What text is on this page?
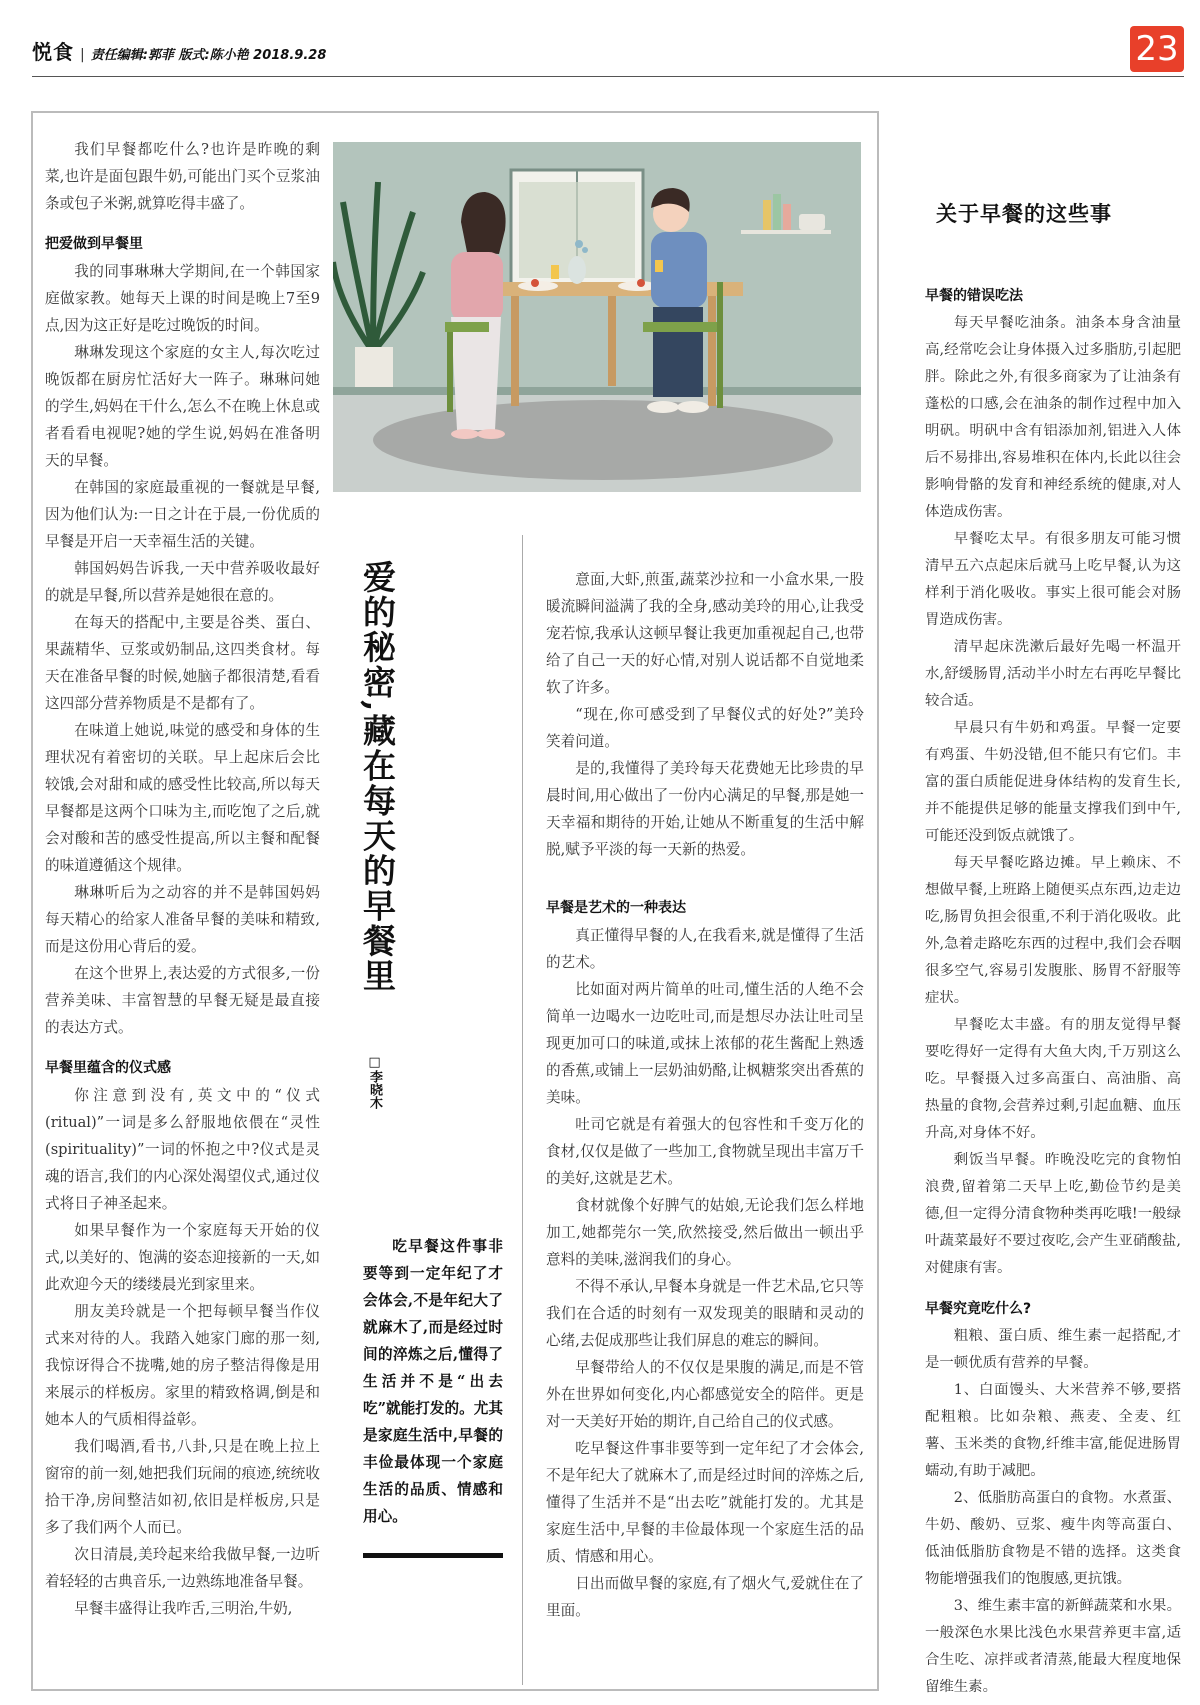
悦食 | 责任编辑:郭菲 版式:陈小艳 2018.9.28	23

我们早餐都吃什么?也许是昨晚的剩菜,也许是面包跟牛奶,可能出门买个豆浆油条或包子米粥,就算吃得丰盛了。

把爱做到早餐里

我的同事琳琳大学期间,在一个韩国家庭做家教。她每天上课的时间是晚上7至9点,因为这正好是吃过晚饭的时间。

琳琳发现这个家庭的女主人,每次吃过晚饭都在厨房忙活好大一阵子。琳琳问她的学生,妈妈在干什么,怎么不在晚上休息或者看看电视呢?她的学生说,妈妈在准备明天的早餐。

在韩国的家庭最重视的一餐就是早餐,因为他们认为:一日之计在于晨,一份优质的早餐是开启一天幸福生活的关键。

韩国妈妈告诉我,一天中营养吸收最好的就是早餐,所以营养是她很在意的。

在每天的搭配中,主要是谷类、蛋白、果蔬精华、豆浆或奶制品,这四类食材。每天在准备早餐的时候,她脑子都很清楚,看看这四部分营养物质是不是都有了。

在味道上她说,味觉的感受和身体的生理状况有着密切的关联。早上起床后会比较饿,会对甜和咸的感受性比较高,所以每天早餐都是这两个口味为主,而吃饱了之后,就会对酸和苦的感受性提高,所以主餐和配餐的味道遵循这个规律。

琳琳听后为之动容的并不是韩国妈妈每天精心的给家人准备早餐的美味和精致,而是这份用心背后的爱。

在这个世界上,表达爱的方式很多,一份营养美味、丰富智慧的早餐无疑是最直接的表达方式。

早餐里蕴含的仪式感

你注意到没有,英文中的“仪式(ritual)”一词是多么舒服地依偎在“灵性(spirituality)”一词的怀抱之中?仪式是灵魂的语言,我们的内心深处渴望仪式,通过仪式将日子神圣起来。

如果早餐作为一个家庭每天开始的仪式,以美好的、饱满的姿态迎接新的一天,如此欢迎今天的缕缕晨光到家里来。

朋友美玲就是一个把每顿早餐当作仪式来对待的人。我踏入她家门廊的那一刻,我惊讶得合不拢嘴,她的房子整洁得像是用来展示的样板房。家里的精致格调,倒是和她本人的气质相得益彰。

我们喝酒,看书,八卦,只是在晚上拉上窗帘的前一刻,她把我们玩闹的痕迹,统统收拾干净,房间整洁如初,依旧是样板房,只是多了我们两个人而已。

次日清晨,美玲起来给我做早餐,一边听着轻轻的古典音乐,一边熟练地准备早餐。

早餐丰盛得让我咋舌,三明治,牛奶,

爱的秘密,藏在每天的早餐里
□李晓木

吃早餐这件事非要等到一定年纪了才会体会,不是年纪大了就麻木了,而是经过时间的淬炼之后,懂得了生活并不是“出去吃”就能打发的。尤其是家庭生活中,早餐的丰俭最体现一个家庭生活的品质、情感和用心。

意面,大虾,煎蛋,蔬菜沙拉和一小盒水果,一股暖流瞬间溢满了我的全身,感动美玲的用心,让我受宠若惊,我承认这顿早餐让我更加重视起自己,也带给了自己一天的好心情,对别人说话都不自觉地柔软了许多。

“现在,你可感受到了早餐仪式的好处?”美玲笑着问道。

是的,我懂得了美玲每天花费她无比珍贵的早晨时间,用心做出了一份内心满足的早餐,那是她一天幸福和期待的开始,让她从不断重复的生活中解脱,赋予平淡的每一天新的热爱。

早餐是艺术的一种表达

真正懂得早餐的人,在我看来,就是懂得了生活的艺术。

比如面对两片简单的吐司,懂生活的人绝不会简单一边喝水一边吃吐司,而是想尽办法让吐司呈现更加可口的味道,或抹上浓郁的花生酱配上熟透的香蕉,或铺上一层奶油奶酪,让枫糖浆突出香蕉的美味。

吐司它就是有着强大的包容性和千变万化的食材,仅仅是做了一些加工,食物就呈现出丰富万千的美好,这就是艺术。

食材就像个好脾气的姑娘,无论我们怎么样地加工,她都莞尔一笑,欣然接受,然后做出一顿出乎意料的美味,滋润我们的身心。

不得不承认,早餐本身就是一件艺术品,它只等我们在合适的时刻有一双发现美的眼睛和灵动的心绪,去促成那些让我们屏息的难忘的瞬间。

早餐带给人的不仅仅是果腹的满足,而是不管外在世界如何变化,内心都感觉安全的陪伴。更是对一天美好开始的期许,自己给自己的仪式感。

吃早餐这件事非要等到一定年纪了才会体会,不是年纪大了就麻木了,而是经过时间的淬炼之后,懂得了生活并不是“出去吃”就能打发的。尤其是家庭生活中,早餐的丰俭最体现一个家庭生活的品质、情感和用心。

日出而做早餐的家庭,有了烟火气,爱就住在了里面。

关于早餐的这些事
早餐的错误吃法

每天早餐吃油条。油条本身含油量高,经常吃会让身体摄入过多脂肪,引起肥胖。除此之外,有很多商家为了让油条有蓬松的口感,会在油条的制作过程中加入明矾。明矾中含有铝添加剂,铝进入人体后不易排出,容易堆积在体内,长此以往会影响骨骼的发育和神经系统的健康,对人体造成伤害。

早餐吃太早。有很多朋友可能习惯清早五六点起床后就马上吃早餐,认为这样利于消化吸收。事实上很可能会对肠胃造成伤害。

清早起床洗漱后最好先喝一杯温开水,舒缓肠胃,活动半小时左右再吃早餐比较合适。

早晨只有牛奶和鸡蛋。早餐一定要有鸡蛋、牛奶没错,但不能只有它们。丰富的蛋白质能促进身体结构的发育生长,并不能提供足够的能量支撑我们到中午,可能还没到饭点就饿了。

每天早餐吃路边摊。早上赖床、不想做早餐,上班路上随便买点东西,边走边吃,肠胃负担会很重,不利于消化吸收。此外,急着走路吃东西的过程中,我们会吞咽很多空气,容易引发腹胀、肠胃不舒服等症状。

早餐吃太丰盛。有的朋友觉得早餐要吃得好一定得有大鱼大肉,千万别这么吃。早餐摄入过多高蛋白、高油脂、高热量的食物,会营养过剩,引起血糖、血压升高,对身体不好。

剩饭当早餐。昨晚没吃完的食物怕浪费,留着第二天早上吃,勤俭节约是美德,但一定得分清食物种类再吃哦!一般绿叶蔬菜最好不要过夜吃,会产生亚硝酸盐,对健康有害。

早餐究竟吃什么?

粗粮、蛋白质、维生素一起搭配,才是一顿优质有营养的早餐。

1、白面馒头、大米营养不够,要搭配粗粮。比如杂粮、燕麦、全麦、红薯、玉米类的食物,纤维丰富,能促进肠胃蠕动,有助于减肥。

2、低脂肪高蛋白的食物。水煮蛋、牛奶、酸奶、豆浆、瘦牛肉等高蛋白、低油低脂肪食物是不错的选择。这类食物能增强我们的饱腹感,更抗饿。

3、维生素丰富的新鲜蔬菜和水果。一般深色水果比浅色水果营养更丰富,适合生吃、凉拌或者清蒸,能最大程度地保留维生素。
